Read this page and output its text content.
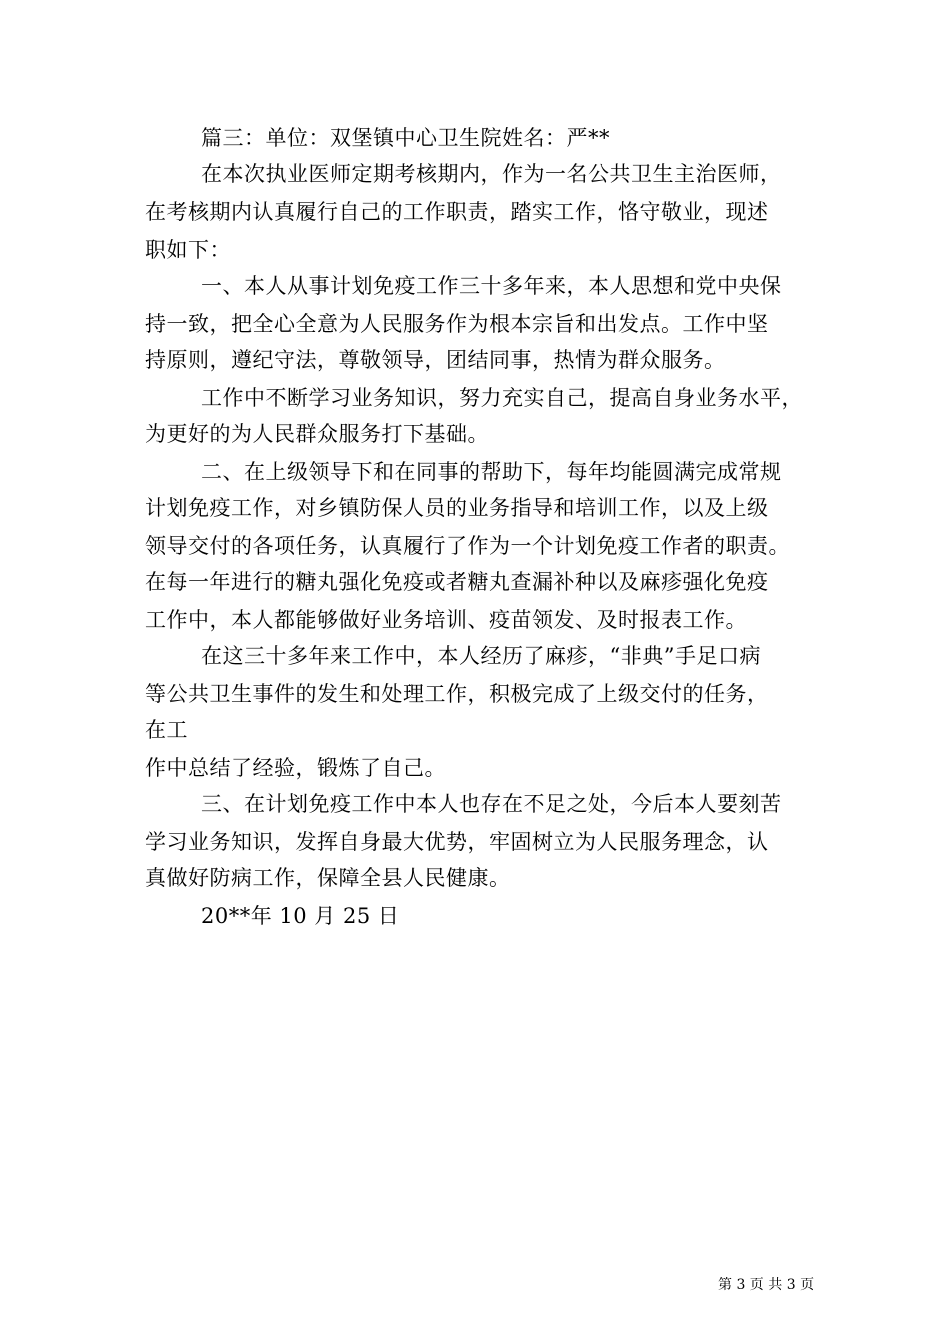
篇三：单位：双堡镇中心卫生院姓名：严**
在本次执业医师定期考核期内，作为一名公共卫生主治医师，
在考核期内认真履行自己的工作职责，踏实工作，恪守敬业，现述
职如下：
一、本人从事计划免疫工作三十多年来，本人思想和党中央保
持一致，把全心全意为人民服务作为根本宗旨和出发点。工作中坚
持原则，遵纪守法，尊敬领导，团结同事，热情为群众服务。
工作中不断学习业务知识，努力充实自己，提高自身业务水平，
为更好的为人民群众服务打下基础。
二、在上级领导下和在同事的帮助下，每年均能圆满完成常规
计划免疫工作，对乡镇防保人员的业务指导和培训工作，以及上级
领导交付的各项任务，认真履行了作为一个计划免疫工作者的职责。
在每一年进行的糖丸强化免疫或者糖丸查漏补种以及麻疹强化免疫
工作中，本人都能够做好业务培训、疫苗领发、及时报表工作。
在这三十多年来工作中，本人经历了麻疹，“非典”手足口病
等公共卫生事件的发生和处理工作，积极完成了上级交付的任务，
在工
作中总结了经验，锻炼了自己。
三、在计划免疫工作中本人也存在不足之处，今后本人要刻苦
学习业务知识，发挥自身最大优势，牢固树立为人民服务理念，认
真做好防病工作，保障全县人民健康。
20**年 10 月 25 日
第 3 页 共 3 页
